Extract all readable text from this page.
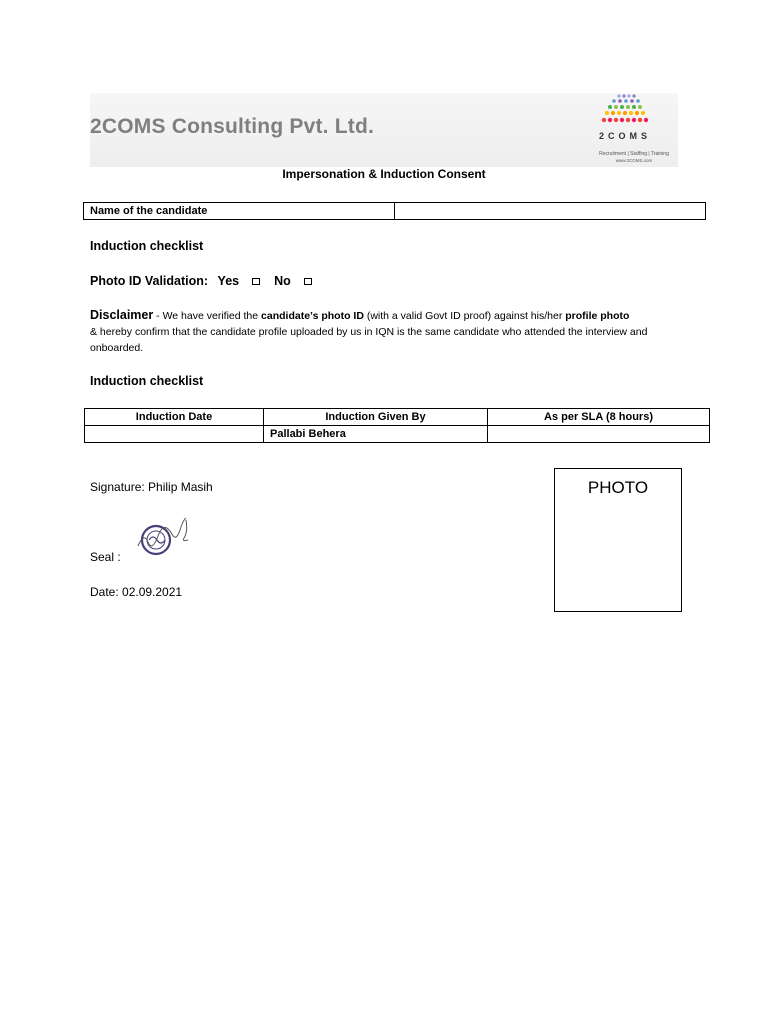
2COMS Consulting Pvt. Ltd.	2COMS
Recruitment | Staffing | Training
www.2COMS.com
Impersonation & Induction Consent
Name of the candidate	
Induction checklist
Photo ID Validation: Yes	No
Disclaimer - We have verified the candidate’s photo ID (with a valid Govt ID proof) against his/her profile photo
& hereby confirm that the candidate profile uploaded by us in IQN is the same candidate who attended the interview and onboarded.
Induction checklist
Induction Date	Induction Given By	As per SLA (8 hours)
	Pallabi Behera	
Signature: Philip Masih
Seal :
Date: 02.09.2021
PHOTO
